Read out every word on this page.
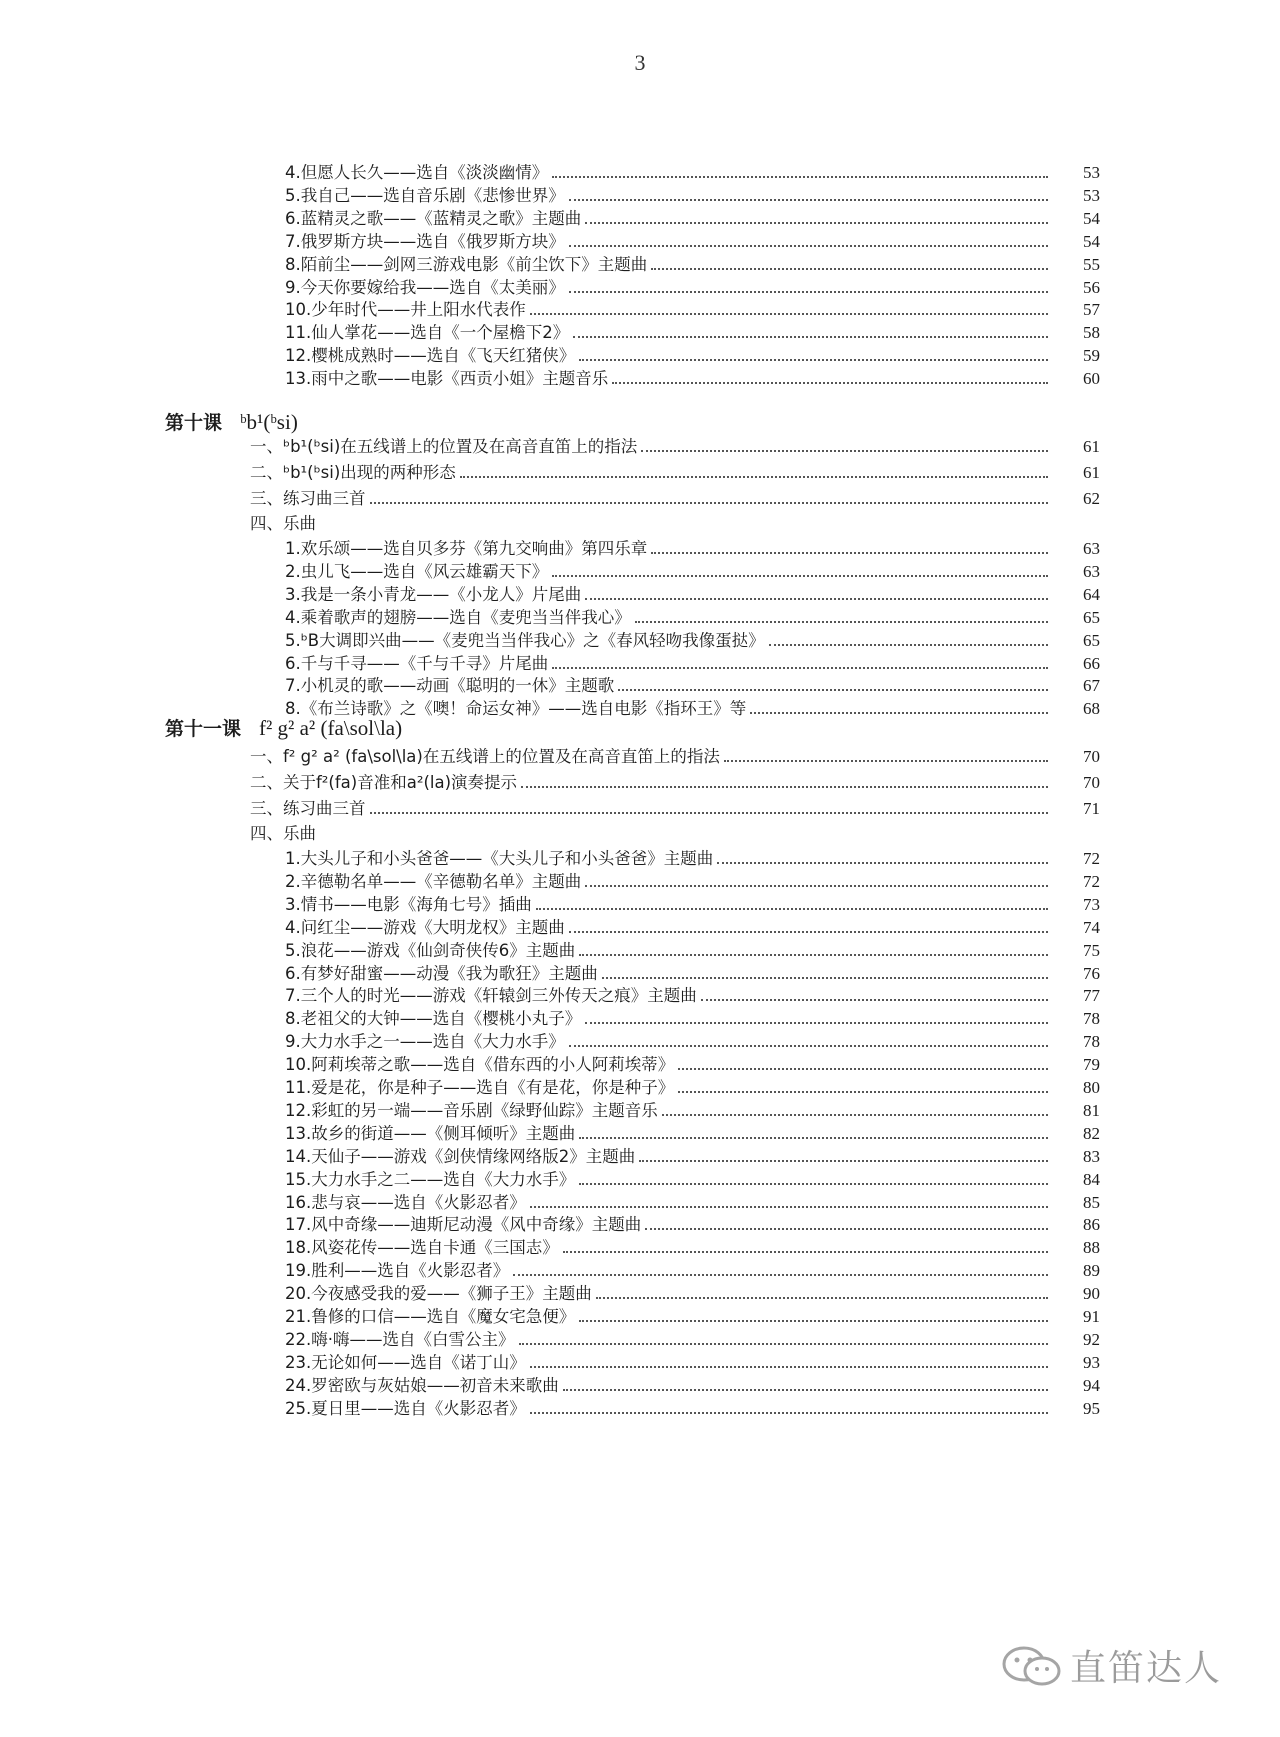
3
4.但愿人长久——选自《淡淡幽情》	53
5.我自己——选自音乐剧《悲惨世界》	53
6.蓝精灵之歌——《蓝精灵之歌》主题曲	54
7.俄罗斯方块——选自《俄罗斯方块》	54
8.陌前尘——剑网三游戏电影《前尘饮下》主题曲	55
9.今天你要嫁给我——选自《太美丽》	56
10.少年时代——井上阳水代表作	57
11.仙人掌花——选自《一个屋檐下2》	58
12.樱桃成熟时——选自《飞天红猪侠》	59
13.雨中之歌——电影《西贡小姐》主题音乐	60
第十课 ᵇb¹(ᵇsi)
一、ᵇb¹(ᵇsi)在五线谱上的位置及在高音直笛上的指法	61
二、ᵇb¹(ᵇsi)出现的两种形态	61
三、练习曲三首	62
四、乐曲
1.欢乐颂——选自贝多芬《第九交响曲》第四乐章	63
2.虫儿飞——选自《风云雄霸天下》	63
3.我是一条小青龙——《小龙人》片尾曲	64
4.乘着歌声的翅膀——选自《麦兜当当伴我心》	65
5.ᵇB大调即兴曲——《麦兜当当伴我心》之《春风轻吻我像蛋挞》	65
6.千与千寻——《千与千寻》片尾曲	66
7.小机灵的歌——动画《聪明的一休》主题歌	67
8.《布兰诗歌》之《噢！命运女神》——选自电影《指环王》等	68
第十一课 f² g² a² (fa\sol\la)
一、f² g² a² (fa\sol\la)在五线谱上的位置及在高音直笛上的指法	70
二、关于f²(fa)音准和a²(la)演奏提示	70
三、练习曲三首	71
四、乐曲
1.大头儿子和小头爸爸——《大头儿子和小头爸爸》主题曲	72
2.辛德勒名单——《辛德勒名单》主题曲	72
3.情书——电影《海角七号》插曲	73
4.问红尘——游戏《大明龙权》主题曲	74
5.浪花——游戏《仙剑奇侠传6》主题曲	75
6.有梦好甜蜜——动漫《我为歌狂》主题曲	76
7.三个人的时光——游戏《轩辕剑三外传天之痕》主题曲	77
8.老祖父的大钟——选自《樱桃小丸子》	78
9.大力水手之一——选自《大力水手》	78
10.阿莉埃蒂之歌——选自《借东西的小人阿莉埃蒂》	79
11.爱是花，你是种子——选自《有是花，你是种子》	80
12.彩虹的另一端——音乐剧《绿野仙踪》主题音乐	81
13.故乡的街道——《侧耳倾听》主题曲	82
14.天仙子——游戏《剑侠情缘网络版2》主题曲	83
15.大力水手之二——选自《大力水手》	84
16.悲与哀——选自《火影忍者》	85
17.风中奇缘——迪斯尼动漫《风中奇缘》主题曲	86
18.风姿花传——选自卡通《三国志》	88
19.胜利——选自《火影忍者》	89
20.今夜感受我的爱——《狮子王》主题曲	90
21.鲁修的口信——选自《魔女宅急便》	91
22.嗨·嗨——选自《白雪公主》	92
23.无论如何——选自《诺丁山》	93
24.罗密欧与灰姑娘——初音未来歌曲	94
25.夏日里——选自《火影忍者》	95
直笛达人
